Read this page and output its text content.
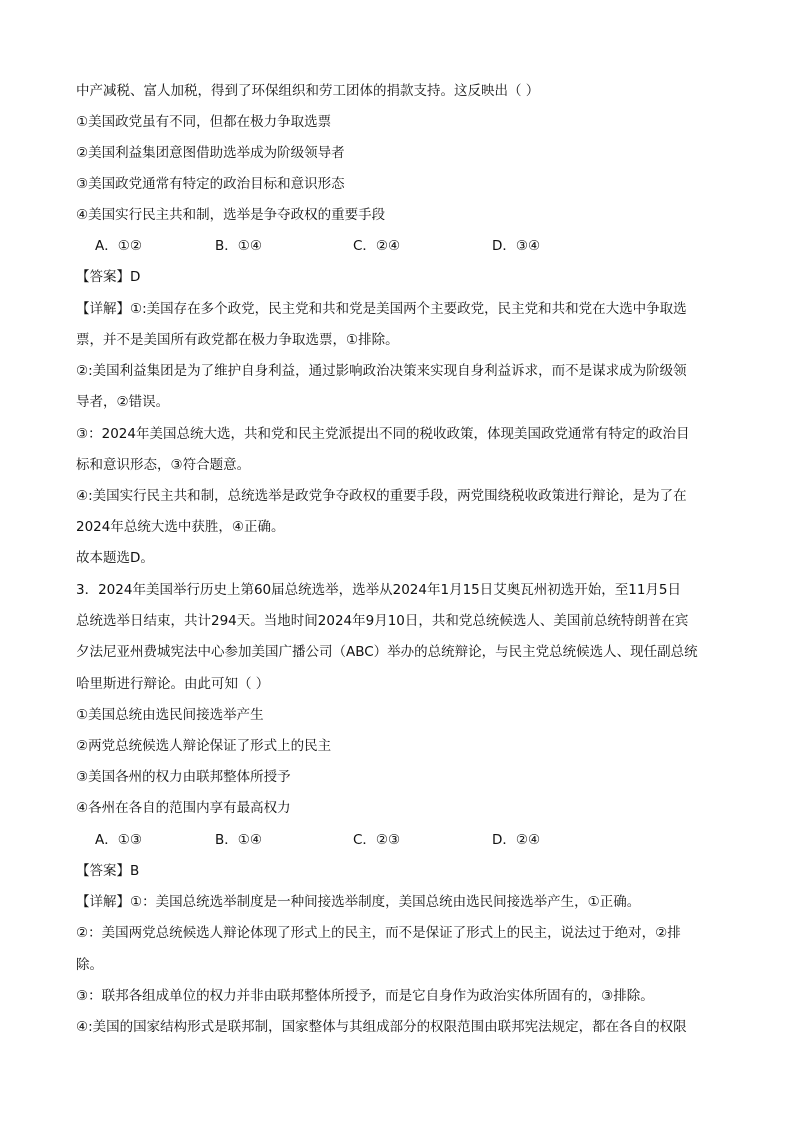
中产减税、富人加税，得到了环保组织和劳工团体的捐款支持。这反映出（ ）
①美国政党虽有不同，但都在极力争取选票
②美国利益集团意图借助选举成为阶级领导者
③美国政党通常有特定的政治目标和意识形态
④美国实行民主共和制，选举是争夺政权的重要手段
A．①②	B．①④	C．②④	D．③④
【答案】D
【详解】①:美国存在多个政党，民主党和共和党是美国两个主要政党，民主党和共和党在大选中争取选
票，并不是美国所有政党都在极力争取选票，①排除。
②:美国利益集团是为了维护自身利益，通过影响政治决策来实现自身利益诉求，而不是谋求成为阶级领
导者，②错误。
③：2024年美国总统大选，共和党和民主党派提出不同的税收政策，体现美国政党通常有特定的政治目
标和意识形态，③符合题意。
④:美国实行民主共和制，总统选举是政党争夺政权的重要手段，两党围绕税收政策进行辩论，是为了在
2024年总统大选中获胜，④正确。
故本题选D。
3．2024年美国举行历史上第60届总统选举，选举从2024年1月15日艾奥瓦州初选开始，至11月5日
总统选举日结束，共计294天。当地时间2024年9月10日，共和党总统候选人、美国前总统特朗普在宾
夕法尼亚州费城宪法中心参加美国广播公司（ABC）举办的总统辩论，与民主党总统候选人、现任副总统
哈里斯进行辩论。由此可知（ ）
①美国总统由选民间接选举产生
②两党总统候选人辩论保证了形式上的民主
③美国各州的权力由联邦整体所授予
④各州在各自的范围内享有最高权力
A．①③	B．①④	C．②③	D．②④
【答案】B
【详解】①：美国总统选举制度是一种间接选举制度，美国总统由选民间接选举产生，①正确。
②：美国两党总统候选人辩论体现了形式上的民主，而不是保证了形式上的民主，说法过于绝对，②排
除。
③：联邦各组成单位的权力并非由联邦整体所授予，而是它自身作为政治实体所固有的，③排除。
④:美国的国家结构形式是联邦制，国家整体与其组成部分的权限范围由联邦宪法规定，都在各自的权限
